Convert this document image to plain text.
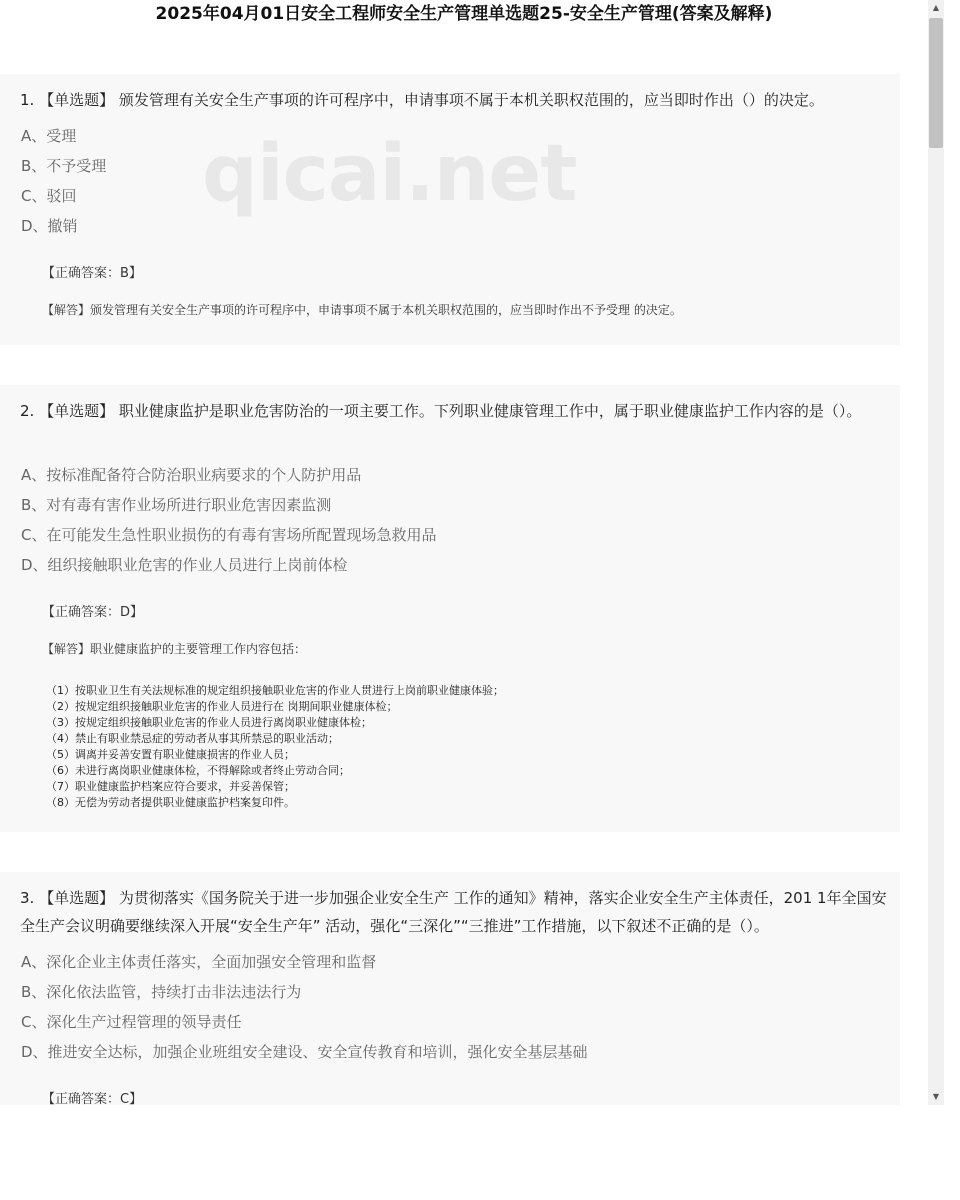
2025年04月01日安全工程师安全生产管理单选题25-安全生产管理(答案及解释)
1. 【单选题】 颁发管理有关安全生产事项的许可程序中，申请事项不属于本机关职权范围的，应当即时作出（）的决定。
A、受理
B、不予受理
C、驳回
D、撤销
【正确答案：B】
【解答】颁发管理有关安全生产事项的许可程序中，申请事项不属于本机关职权范围的，应当即时作出不予受理 的决定。
qicai.net
2. 【单选题】 职业健康监护是职业危害防治的一项主要工作。下列职业健康管理工作中，属于职业健康监护工作内容的是（）。
A、按标准配备符合防治职业病要求的个人防护用品
B、对有毒有害作业场所进行职业危害因素监测
C、在可能发生急性职业损伤的有毒有害场所配置现场急救用品
D、组织接触职业危害的作业人员进行上岗前体检
【正确答案：D】
【解答】职业健康监护的主要管理工作内容包括：
（1）按职业卫生有关法规标准的规定组织接触职业危害的作业人贯进行上岗前职业健康体验；
（2）按规定组织接触职业危害的作业人员进行在 岗期间职业健康体检；
（3）按规定组织接触职业危害的作业人员进行离岗职业健康体检；
（4）禁止有职业禁忌症的劳动者从事其所禁忌的职业活动；
（5）调离并妥善安置有职业健康损害的作业人员；
（6）未进行离岗职业健康体检，不得解除或者终止劳动合同；
（7）职业健康监护档案应符合要求，并妥善保管；
（8）无偿为劳动者提供职业健康监护档案复印件。
3. 【单选题】 为贯彻落实《国务院关于进一步加强企业安全生产 工作的通知》精神，落实企业安全生产主体责任，201 1年全国安全生产会议明确要继续深入开展“安全生产年” 活动，强化“三深化”“三推进”工作措施，以下叙述不正确的是（）。
A、深化企业主体责任落实，全面加强安全管理和监督
B、深化依法监管，持续打击非法违法行为
C、深化生产过程管理的领导责任
D、推进安全达标，加强企业班组安全建设、安全宣传教育和培训，强化安全基层基础
【正确答案：C】
▲
▼
